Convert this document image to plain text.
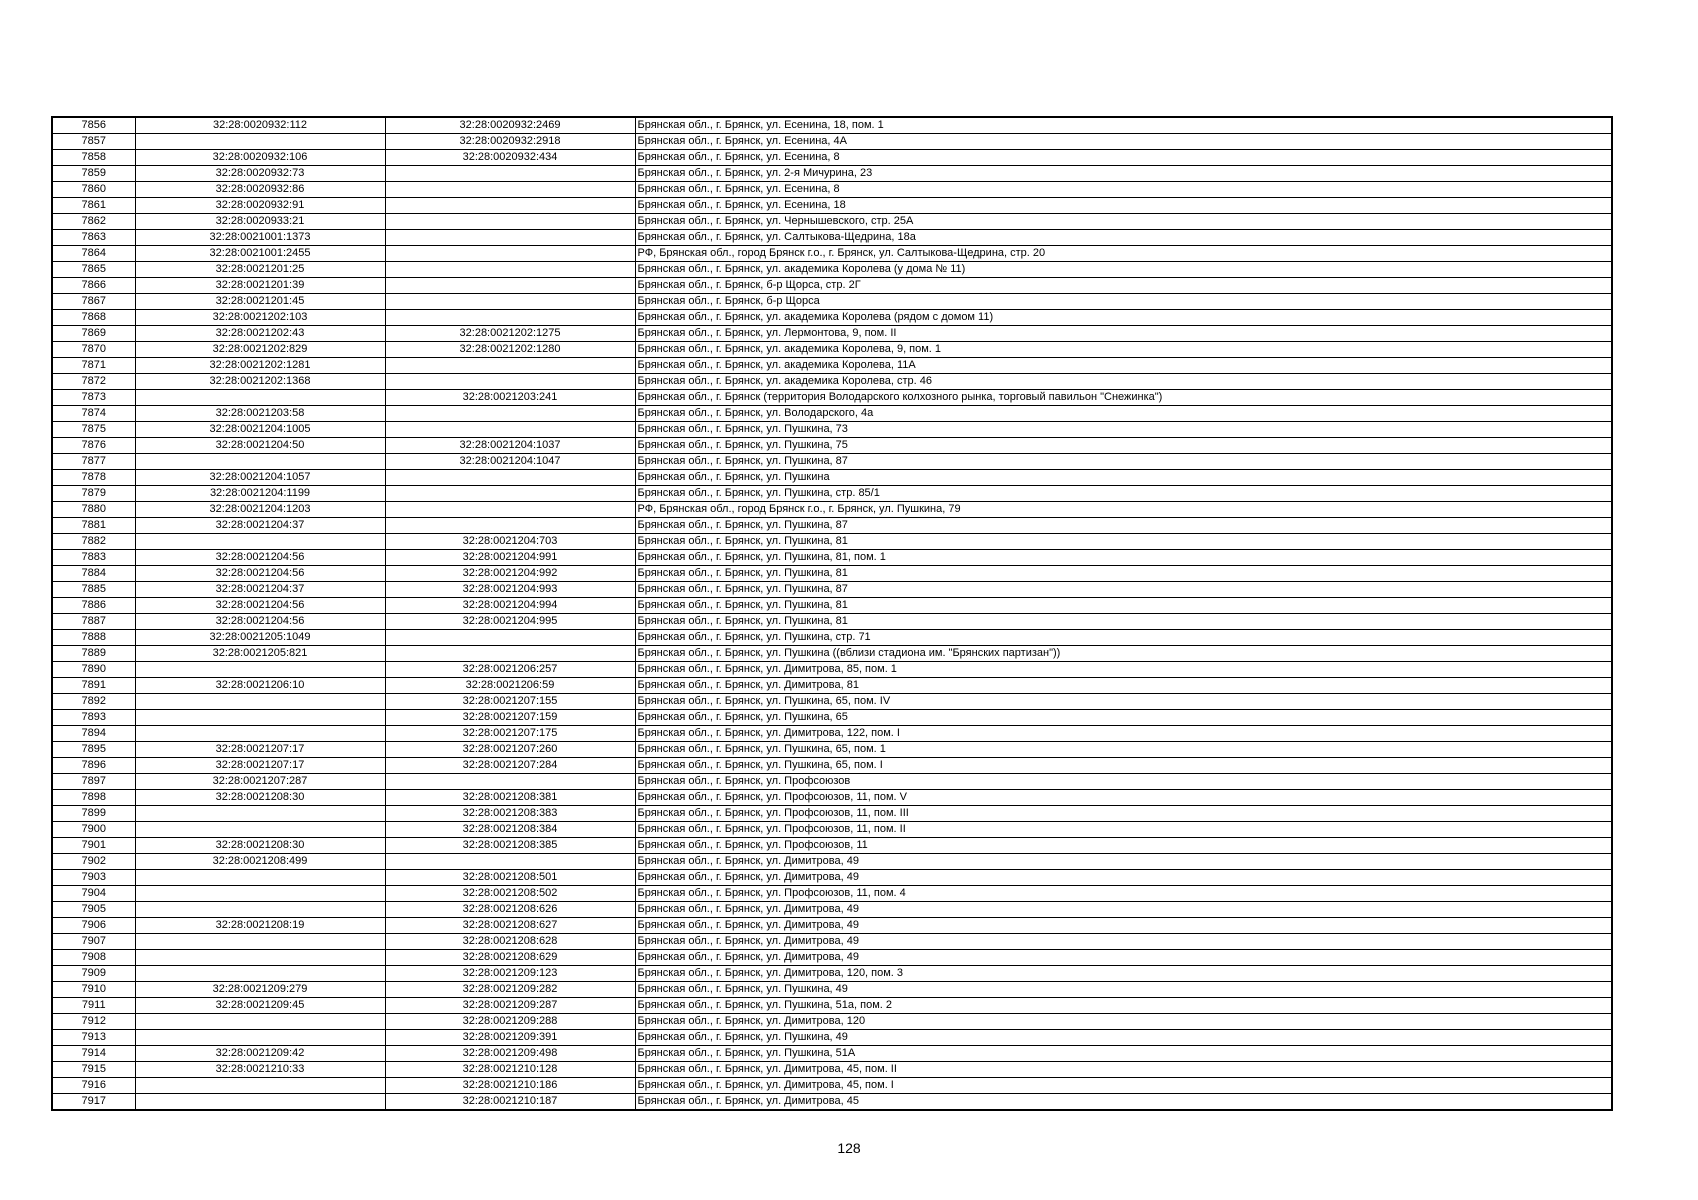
7856	32:28:0020932:112	32:28:0020932:2469	Брянская обл., г. Брянск, ул. Есенина, 18, пом. 1
7857		32:28:0020932:2918	Брянская обл., г. Брянск, ул. Есенина, 4А
7858	32:28:0020932:106	32:28:0020932:434	Брянская обл., г. Брянск, ул. Есенина, 8
7859	32:28:0020932:73		Брянская обл., г. Брянск, ул. 2-я Мичурина, 23
7860	32:28:0020932:86		Брянская обл., г. Брянск, ул. Есенина, 8
7861	32:28:0020932:91		Брянская обл., г. Брянск, ул. Есенина, 18
7862	32:28:0020933:21		Брянская обл., г. Брянск, ул. Чернышевского, стр. 25А
7863	32:28:0021001:1373		Брянская обл., г. Брянск, ул. Салтыкова-Щедрина, 18а
7864	32:28:0021001:2455		РФ, Брянская обл., город Брянск г.о., г. Брянск, ул. Салтыкова-Щедрина, стр. 20
7865	32:28:0021201:25		Брянская обл., г. Брянск, ул. академика Королева (у дома № 11)
7866	32:28:0021201:39		Брянская обл., г. Брянск, б-р Щорса, стр. 2Г
7867	32:28:0021201:45		Брянская обл., г. Брянск, б-р Щорса
7868	32:28:0021202:103		Брянская обл., г. Брянск, ул. академика Королева (рядом с домом 11)
7869	32:28:0021202:43	32:28:0021202:1275	Брянская обл., г. Брянск, ул. Лермонтова, 9, пом. II
7870	32:28:0021202:829	32:28:0021202:1280	Брянская обл., г. Брянск, ул. академика Королева, 9, пом. 1
7871	32:28:0021202:1281		Брянская обл., г. Брянск, ул. академика Королева, 11А
7872	32:28:0021202:1368		Брянская обл., г. Брянск, ул. академика Королева, стр. 46
7873		32:28:0021203:241	Брянская обл., г. Брянск (территория Володарского колхозного рынка, торговый павильон "Снежинка")
7874	32:28:0021203:58		Брянская обл., г. Брянск, ул. Володарского, 4а
7875	32:28:0021204:1005		Брянская обл., г. Брянск, ул. Пушкина, 73
7876	32:28:0021204:50	32:28:0021204:1037	Брянская обл., г. Брянск, ул. Пушкина, 75
7877		32:28:0021204:1047	Брянская обл., г. Брянск, ул. Пушкина, 87
7878	32:28:0021204:1057		Брянская обл., г. Брянск, ул. Пушкина
7879	32:28:0021204:1199		Брянская обл., г. Брянск, ул. Пушкина, стр. 85/1
7880	32:28:0021204:1203		РФ, Брянская обл., город Брянск г.о., г. Брянск, ул. Пушкина, 79
7881	32:28:0021204:37		Брянская обл., г. Брянск, ул. Пушкина, 87
7882		32:28:0021204:703	Брянская обл., г. Брянск, ул. Пушкина, 81
7883	32:28:0021204:56	32:28:0021204:991	Брянская обл., г. Брянск, ул. Пушкина, 81, пом. 1
7884	32:28:0021204:56	32:28:0021204:992	Брянская обл., г. Брянск, ул. Пушкина, 81
7885	32:28:0021204:37	32:28:0021204:993	Брянская обл., г. Брянск, ул. Пушкина, 87
7886	32:28:0021204:56	32:28:0021204:994	Брянская обл., г. Брянск, ул. Пушкина, 81
7887	32:28:0021204:56	32:28:0021204:995	Брянская обл., г. Брянск, ул. Пушкина, 81
7888	32:28:0021205:1049		Брянская обл., г. Брянск, ул. Пушкина, стр. 71
7889	32:28:0021205:821		Брянская обл., г. Брянск, ул. Пушкина ((вблизи стадиона им. "Брянских партизан"))
7890		32:28:0021206:257	Брянская обл., г. Брянск, ул. Димитрова, 85, пом. 1
7891	32:28:0021206:10	32:28:0021206:59	Брянская обл., г. Брянск, ул. Димитрова, 81
7892		32:28:0021207:155	Брянская обл., г. Брянск, ул. Пушкина, 65, пом. IV
7893		32:28:0021207:159	Брянская обл., г. Брянск, ул. Пушкина, 65
7894		32:28:0021207:175	Брянская обл., г. Брянск, ул. Димитрова, 122, пом. I
7895	32:28:0021207:17	32:28:0021207:260	Брянская обл., г. Брянск, ул. Пушкина, 65, пом. 1
7896	32:28:0021207:17	32:28:0021207:284	Брянская обл., г. Брянск, ул. Пушкина, 65, пом. I
7897	32:28:0021207:287		Брянская обл., г. Брянск, ул. Профсоюзов
7898	32:28:0021208:30	32:28:0021208:381	Брянская обл., г. Брянск, ул. Профсоюзов, 11, пом. V
7899		32:28:0021208:383	Брянская обл., г. Брянск, ул. Профсоюзов, 11, пом. III
7900		32:28:0021208:384	Брянская обл., г. Брянск, ул. Профсоюзов, 11, пом. II
7901	32:28:0021208:30	32:28:0021208:385	Брянская обл., г. Брянск, ул. Профсоюзов, 11
7902	32:28:0021208:499		Брянская обл., г. Брянск, ул. Димитрова, 49
7903		32:28:0021208:501	Брянская обл., г. Брянск, ул. Димитрова, 49
7904		32:28:0021208:502	Брянская обл., г. Брянск, ул. Профсоюзов, 11, пом. 4
7905		32:28:0021208:626	Брянская обл., г. Брянск, ул. Димитрова, 49
7906	32:28:0021208:19	32:28:0021208:627	Брянская обл., г. Брянск, ул. Димитрова, 49
7907		32:28:0021208:628	Брянская обл., г. Брянск, ул. Димитрова, 49
7908		32:28:0021208:629	Брянская обл., г. Брянск, ул. Димитрова, 49
7909		32:28:0021209:123	Брянская обл., г. Брянск, ул. Димитрова, 120, пом. 3
7910	32:28:0021209:279	32:28:0021209:282	Брянская обл., г. Брянск, ул. Пушкина, 49
7911	32:28:0021209:45	32:28:0021209:287	Брянская обл., г. Брянск, ул. Пушкина, 51а, пом. 2
7912		32:28:0021209:288	Брянская обл., г. Брянск, ул. Димитрова, 120
7913		32:28:0021209:391	Брянская обл., г. Брянск, ул. Пушкина, 49
7914	32:28:0021209:42	32:28:0021209:498	Брянская обл., г. Брянск, ул. Пушкина, 51А
7915	32:28:0021210:33	32:28:0021210:128	Брянская обл., г. Брянск, ул. Димитрова, 45, пом. II
7916		32:28:0021210:186	Брянская обл., г. Брянск, ул. Димитрова, 45, пом. I
7917		32:28:0021210:187	Брянская обл., г. Брянск, ул. Димитрова, 45
128
